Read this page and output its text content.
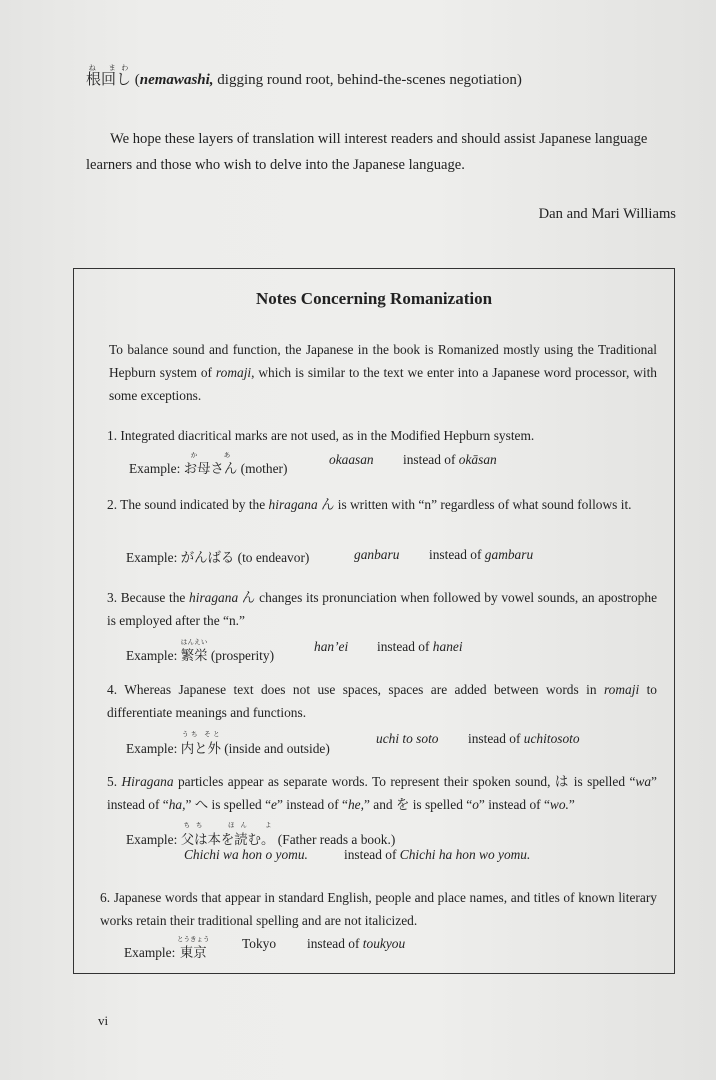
根回しね まわ (nemawashi, digging round root, behind-the-scenes negotiation)

We hope these layers of translation will interest readers and should assist Japanese language learners and those who wish to delve into the Japanese language.

Dan and Mari Williams
Notes Concerning Romanization
To balance sound and function, the Japanese in the book is Romanized mostly using the Traditional Hepburn system of romaji, which is similar to the text we enter into a Japanese word processor, with some exceptions.
1. Integrated diacritical marks are not used, as in the Modified Hepburn system.
Example: お母さんかあ (mother)
okaasan instead of okāsan
2. The sound indicated by the hiragana ん is written with “n” regardless of what sound follows it.
Example: がんばる (to endeavor)	ganbaru instead of gambaru
3. Because the hiragana ん changes its pronunciation when followed by vowel sounds, an apostrophe is employed after the “n.”
Example: 繁栄はんえい (prosperity)
han’ei instead of hanei
4. Whereas Japanese text does not use spaces, spaces are added between words in romaji to differentiate meanings and functions.
Example: 内と外うち そと (inside and outside)
uchi to soto instead of uchitosoto
5. Hiragana particles appear as separate words. To represent their spoken sound, は is spelled “wa” instead of “ha,” へ is spelled “e” instead of “he,” and を is spelled “o” instead of “wo.”
Example: 父は本を読む。ちち　 ほん　よ (Father reads a book.)
Chichi wa hon o yomu.	instead of Chichi ha hon wo yomu.
6. Japanese words that appear in standard English, people and place names, and titles of known literary works retain their traditional spelling and are not italicized.
Example: 東京とうきょう Tokyo instead of toukyou
vi
